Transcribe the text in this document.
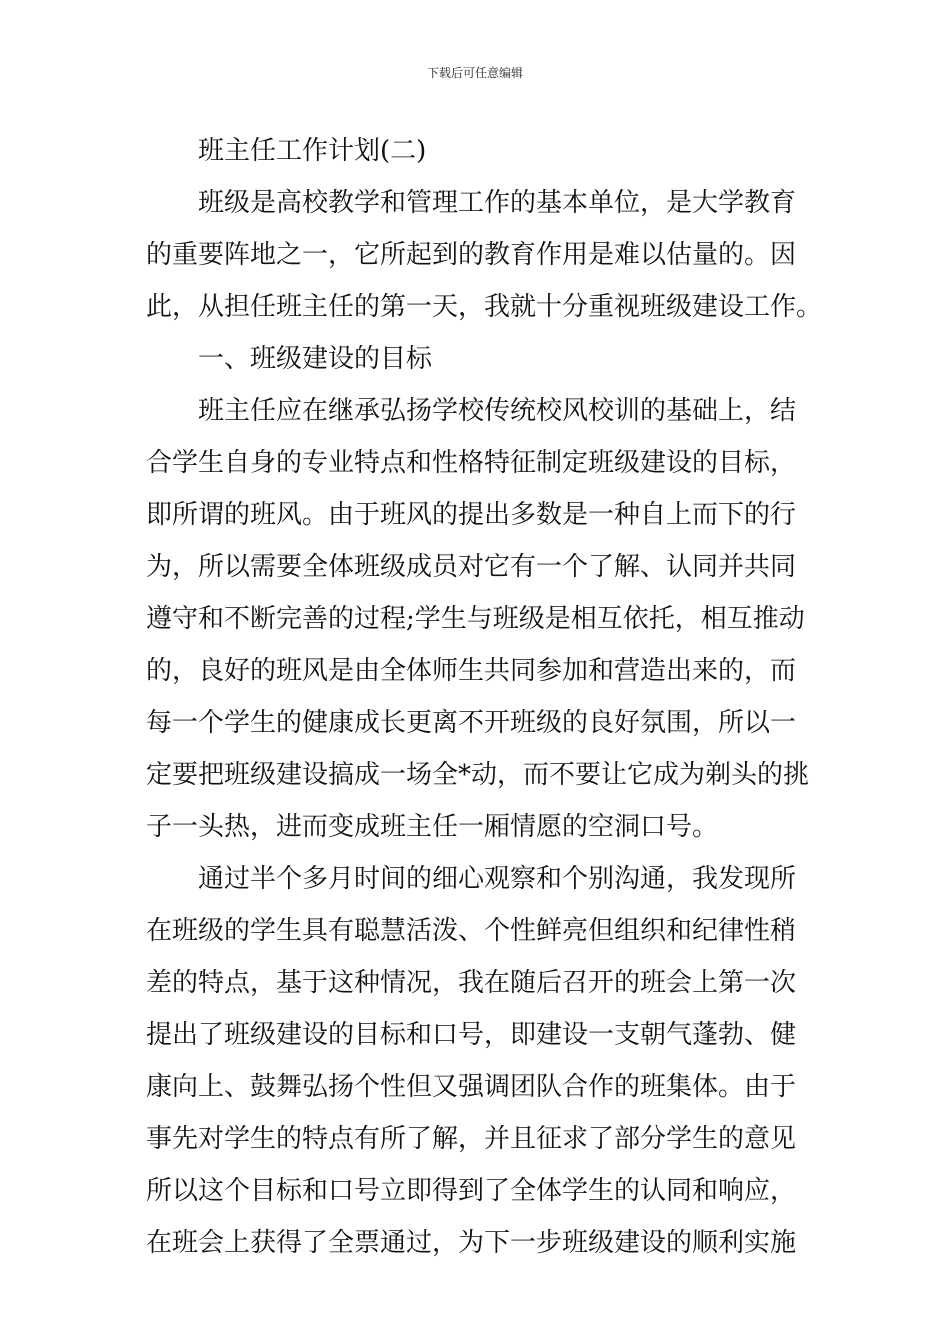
下载后可任意编辑
班主任工作计划(二)
班级是高校教学和管理工作的基本单位，是大学教育
的重要阵地之一，它所起到的教育作用是难以估量的。因
此，从担任班主任的第一天，我就十分重视班级建设工作。
一、班级建设的目标
班主任应在继承弘扬学校传统校风校训的基础上，结
合学生自身的专业特点和性格特征制定班级建设的目标，
即所谓的班风。由于班风的提出多数是一种自上而下的行
为，所以需要全体班级成员对它有一个了解、认同并共同
遵守和不断完善的过程;学生与班级是相互依托，相互推动
的，良好的班风是由全体师生共同参加和营造出来的，而
每一个学生的健康成长更离不开班级的良好氛围，所以一
定要把班级建设搞成一场全*动，而不要让它成为剃头的挑
子一头热，进而变成班主任一厢情愿的空洞口号。
通过半个多月时间的细心观察和个别沟通，我发现所
在班级的学生具有聪慧活泼、个性鲜亮但组织和纪律性稍
差的特点，基于这种情况，我在随后召开的班会上第一次
提出了班级建设的目标和口号，即建设一支朝气蓬勃、健
康向上、鼓舞弘扬个性但又强调团队合作的班集体。由于
事先对学生的特点有所了解，并且征求了部分学生的意见
所以这个目标和口号立即得到了全体学生的认同和响应，
在班会上获得了全票通过，为下一步班级建设的顺利实施
